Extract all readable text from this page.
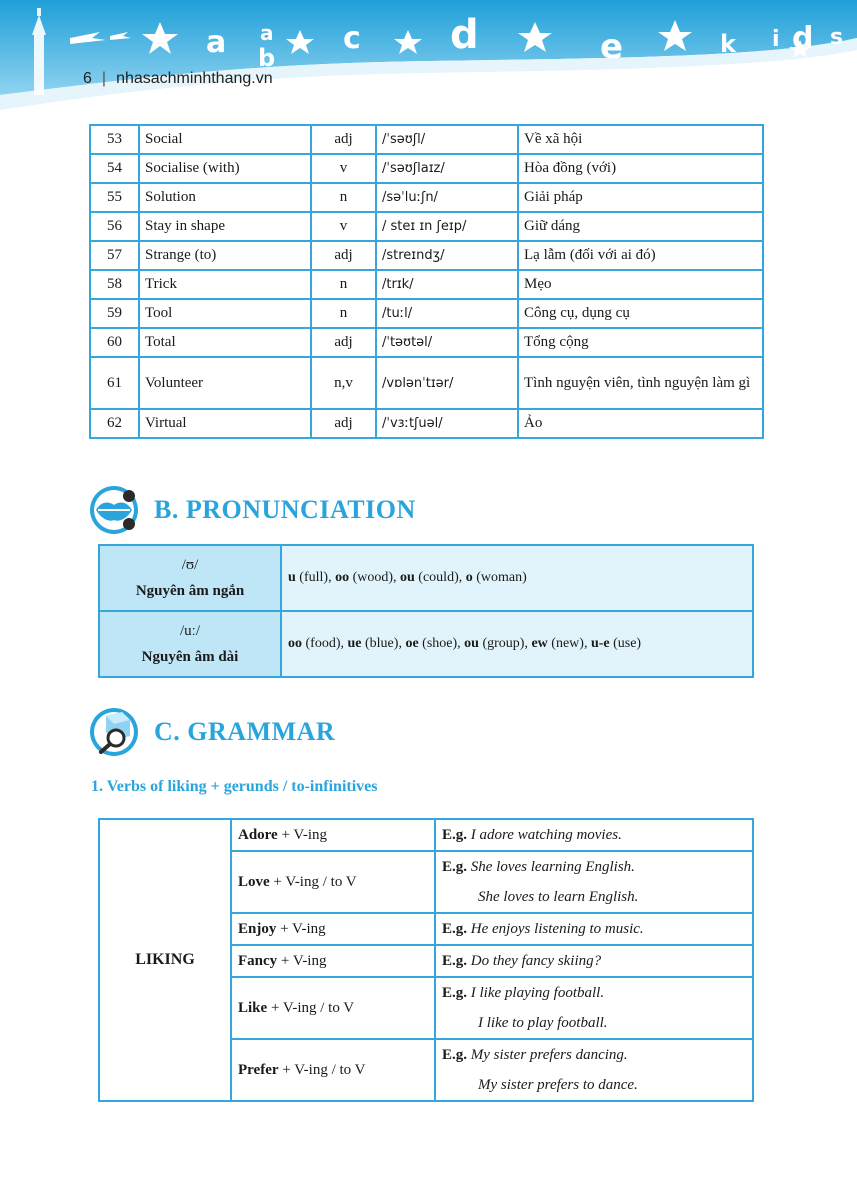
a a
b
c d	e	k i d s
6 | nhasachminhthang.vn
53	Social	adj	/ˈsəʊʃl/	Về xã hội
54	Socialise (with)	v	/ˈsəʊʃlaɪz/	Hòa đồng (với)
55	Solution	n	/səˈluːʃn/	Giải pháp
56	Stay in shape	v	/ steɪ ɪn ʃeɪp/	Giữ dáng
57	Strange (to)	adj	/streɪndʒ/	Lạ lẫm (đối với ai đó)
58	Trick	n	/trɪk/	Mẹo
59	Tool	n	/tuːl/	Công cụ, dụng cụ
60	Total	adj	/ˈtəʊtəl/	Tổng cộng
61	Volunteer	n,v	/vɒlənˈtɪər/	Tình nguyện viên, tình nguyện làm gì
62	Virtual	adj	/ˈvɜːtʃuəl/	Ảo
B. PRONUNCIATION
/ʊ/
Nguyên âm ngắn	u (full), oo (wood), ou (could), o (woman)

/uː/
Nguyên âm dài	oo (food), ue (blue), oe (shoe), ou (group), ew (new), u-e (use)
C. GRAMMAR
1. Verbs of liking + gerunds / to-infinitives
LIKING	Adore + V-ing	E.g. I adore watching movies.
	Love + V-ing / to V	E.g. She loves learning English.
She loves to learn English.

	Enjoy + V-ing	E.g. He enjoys listening to music.
	Fancy + V-ing	E.g. Do they fancy skiing?
	Like + V-ing / to V	E.g. I like playing football.
I like to play football.

	Prefer + V-ing / to V	E.g. My sister prefers dancing.
My sister prefers to dance.
